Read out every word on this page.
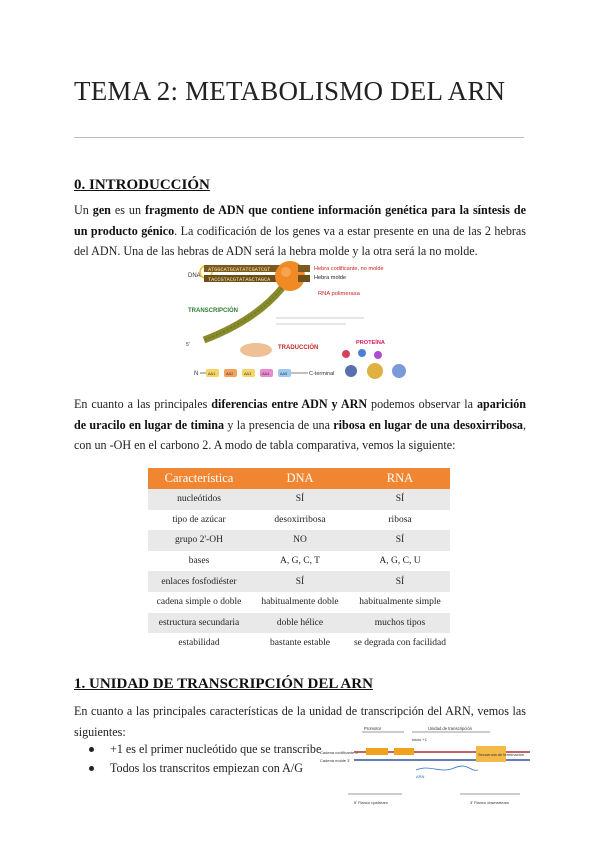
TEMA 2: METABOLISMO DEL ARN
0. INTRODUCCIÓN

Un gen es un fragmento de ADN que contiene información genética para la síntesis de un producto génico. La codificación de los genes va a estar presente en una de las 2 hebras del ADN. Una de las hebras de ADN será la hebra molde y la otra será la no molde.

DNA
ATGGCATGCATATCGATCGT
TACCGTACGTATAGCTAGCA
Hebra codificante, no molde
Hebra molde
RNA polimerasa
TRANSCRIPCIÓN
5'	TRADUCCIÓN
N	AA1	AA2	AA3	AA4	AA5	C-terminal
PROTEÍNA

En cuanto a las principales diferencias entre ADN y ARN podemos observar la aparición de uracilo en lugar de timina y la presencia de una ribosa en lugar de una desoxirribosa, con un -OH en el carbono 2. A modo de tabla comparativa, vemos la siguiente:

Característica	DNA	RNA
nucleótidos	SÍ	SÍ
tipo de azúcar	desoxirribosa	ribosa
grupo 2'-OH	NO	SÍ
bases	A, G, C, T	A, G, C, U
enlaces fosfodiéster	SÍ	SÍ
cadena simple o doble	habitualmente doble	habitualmente simple
estructura secundaria	doble hélice	muchos tipos
estabilidad	bastante estable	se degrada con facilidad
1. UNIDAD DE TRANSCRIPCIÓN DEL ARN

En cuanto a las principales características de la unidad de transcripción del ARN, vemos las siguientes:

+1 es el primer nucleótido que se transcribe
Todos los transcritos empiezan con A/G
Promotor	Unidad de transcripción
Inicio +1
Cadena codificante 5'
Cadena molde 3'
Secuencia de terminación
ARN
5' Flanco upstream	3' Flanco downstream
